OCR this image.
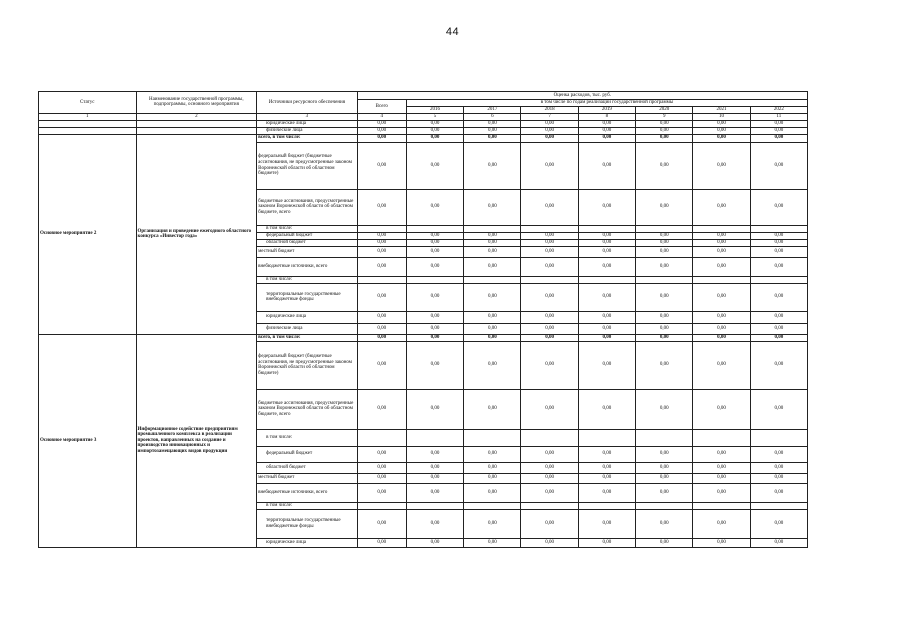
44
Статус	Наименование государственной программы, подпрограммы, основного мероприятия	Источники ресурсного обеспечения	Оценка расходов, тыс. руб.							
			Всего	в том числе по годам реализации государственной программы						
				2016	2017	2018	2019	2020	2021	2022
1	2	3	4	5	6	7	8	9	10	11
		юридические лица	0,00	0,00	0,00	0,00	0,00	0,00	0,00	0,00
		физические лица	0,00	0,00	0,00	0,00	0,00	0,00	0,00	0,00
Основное мероприятие 2	Организация и проведение ежегодного областного конкурса «Инвестор года»	всего, в том числе:	0,00	0,00	0,00	0,00	0,00	0,00	0,00	0,00
		федеральный бюджет (бюджетные ассигнования, не предусмотренные законом Воронежской области об областном бюджете)	0,00	0,00	0,00	0,00	0,00	0,00	0,00	0,00
		бюджетные ассигнования, предусмотренные законом Воронежской области об областном бюджете, всего	0,00	0,00	0,00	0,00	0,00	0,00	0,00	0,00
		в том числе:								
		федеральный бюджет	0,00	0,00	0,00	0,00	0,00	0,00	0,00	0,00
		областной бюджет	0,00	0,00	0,00	0,00	0,00	0,00	0,00	0,00
		местный бюджет	0,00	0,00	0,00	0,00	0,00	0,00	0,00	0,00
		внебюджетные источники, всего	0,00	0,00	0,00	0,00	0,00	0,00	0,00	0,00
		в том числе:								
		территориальные государственные внебюджетные фонды	0,00	0,00	0,00	0,00	0,00	0,00	0,00	0,00
		юридические лица	0,00	0,00	0,00	0,00	0,00	0,00	0,00	0,00
		физические лица	0,00	0,00	0,00	0,00	0,00	0,00	0,00	0,00
Основное мероприятие 3	Информационное содействие предприятиям промышленного комплекса в реализации проектов, направленных на создание и производство инновационных и импортозамещающих видов продукции	всего, в том числе:	0,00	0,00	0,00	0,00	0,00	0,00	0,00	0,00
		федеральный бюджет (бюджетные ассигнования, не предусмотренные законом Воронежской области об областном бюджете)	0,00	0,00	0,00	0,00	0,00	0,00	0,00	0,00
		бюджетные ассигнования, предусмотренные законом Воронежской области об областном бюджете, всего	0,00	0,00	0,00	0,00	0,00	0,00	0,00	0,00
		в том числе:								
		федеральный бюджет	0,00	0,00	0,00	0,00	0,00	0,00	0,00	0,00
		областной бюджет	0,00	0,00	0,00	0,00	0,00	0,00	0,00	0,00
		местный бюджет	0,00	0,00	0,00	0,00	0,00	0,00	0,00	0,00
		внебюджетные источники, всего	0,00	0,00	0,00	0,00	0,00	0,00	0,00	0,00
		в том числе:								
		территориальные государственные внебюджетные фонды	0,00	0,00	0,00	0,00	0,00	0,00	0,00	0,00
		юридические лица	0,00	0,00	0,00	0,00	0,00	0,00	0,00	0,00
